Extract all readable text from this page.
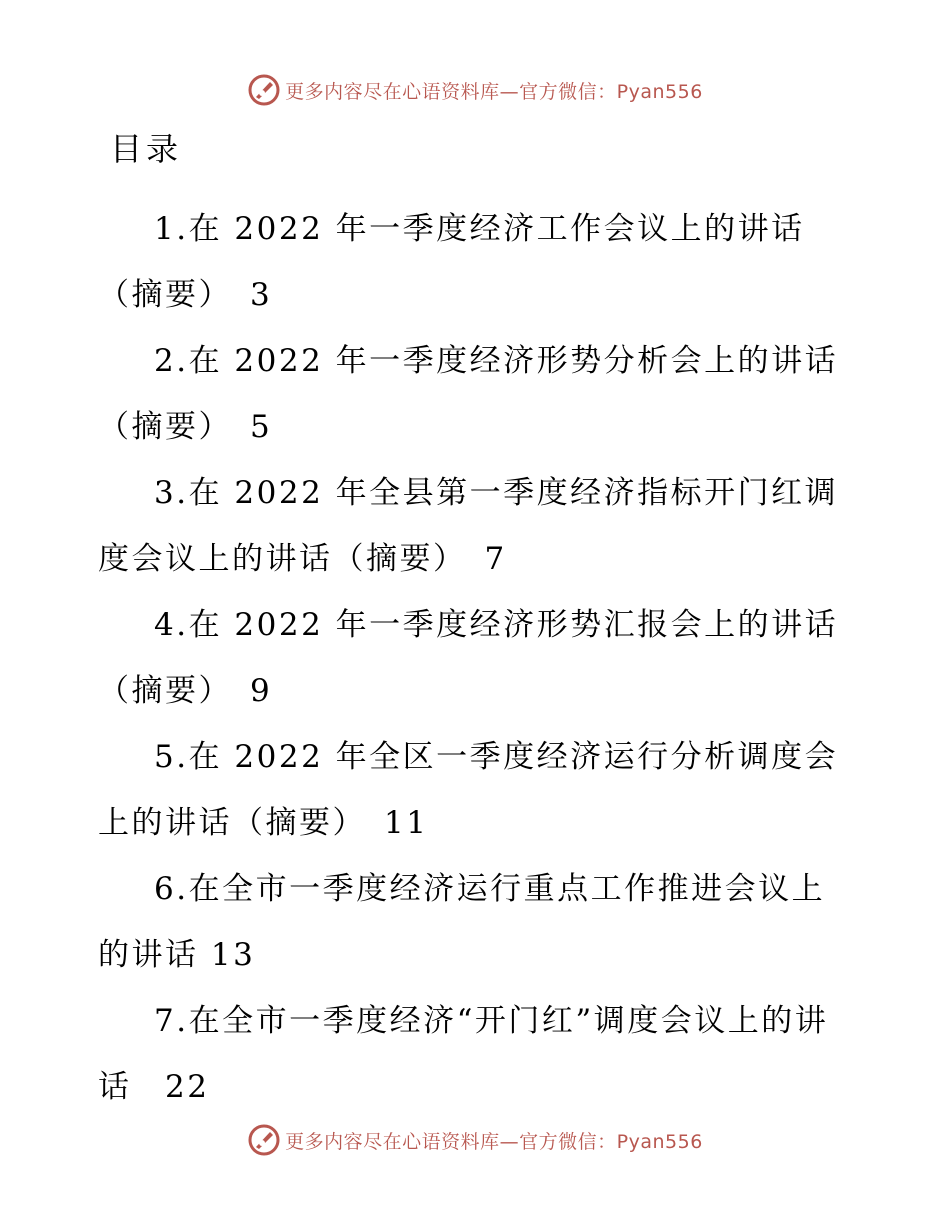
更多内容尽在心语资料库—官方微信：Pyan556
目录
1.在 2022 年一季度经济工作会议上的讲话（摘要）　3
2.在 2022 年一季度经济形势分析会上的讲话（摘要）　5
3.在 2022 年全县第一季度经济指标开门红调度会议上的讲话（摘要）　7
4.在 2022 年一季度经济形势汇报会上的讲话（摘要）　9
5.在 2022 年全区一季度经济运行分析调度会上的讲话（摘要）　11
6.在全市一季度经济运行重点工作推进会议上的讲话 13
7.在全市一季度经济“开门红”调度会议上的讲话　22
更多内容尽在心语资料库—官方微信：Pyan556
